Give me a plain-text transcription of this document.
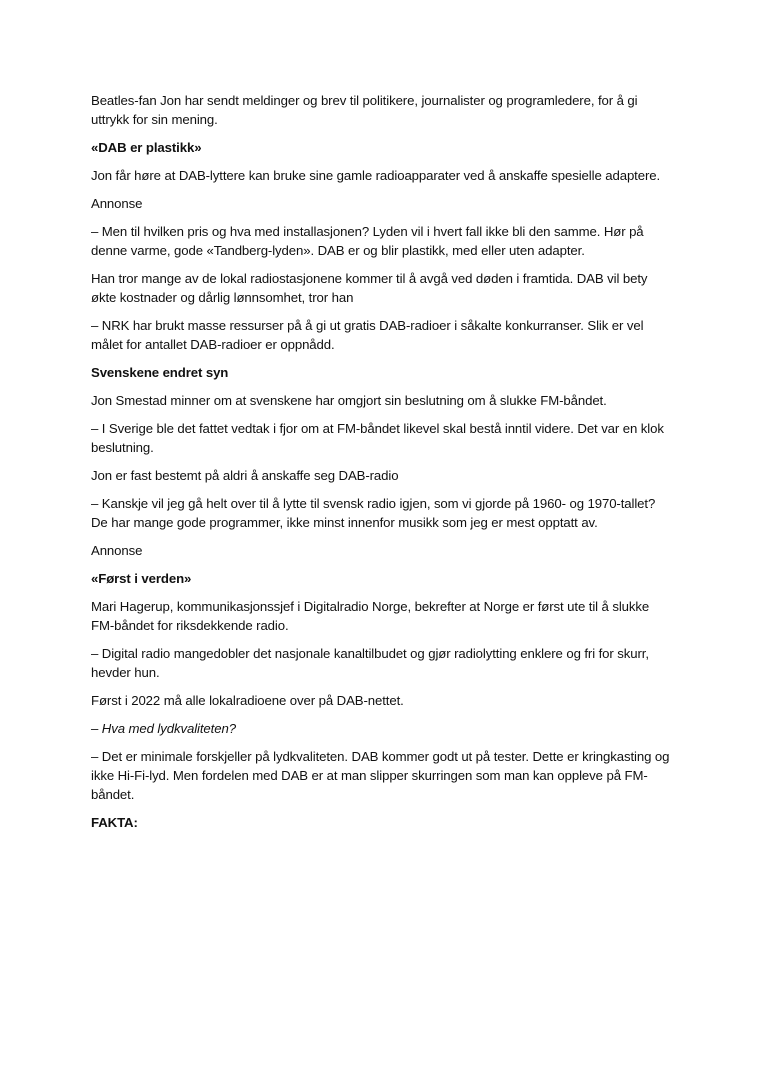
Beatles-fan Jon har sendt meldinger og brev til politikere, journalister og programledere, for å gi uttrykk for sin mening.

«DAB er plastikk»

Jon får høre at DAB-lyttere kan bruke sine gamle radioapparater ved å anskaffe spesielle adaptere.

Annonse

– Men til hvilken pris og hva med installasjonen? Lyden vil i hvert fall ikke bli den samme. Hør på denne varme, gode «Tandberg-lyden». DAB er og blir plastikk, med eller uten adapter.

Han tror mange av de lokal radiostasjonene kommer til å avgå ved døden i framtida. DAB vil bety økte kostnader og dårlig lønnsomhet, tror han

– NRK har brukt masse ressurser på å gi ut gratis DAB-radioer i såkalte konkurranser. Slik er vel målet for antallet DAB-radioer er oppnådd.

Svenskene endret syn

Jon Smestad minner om at svenskene har omgjort sin beslutning om å slukke FM-båndet.

– I Sverige ble det fattet vedtak i fjor om at FM-båndet likevel skal bestå inntil videre. Det var en klok beslutning.

Jon er fast bestemt på aldri å anskaffe seg DAB-radio

– Kanskje vil jeg gå helt over til å lytte til svensk radio igjen, som vi gjorde på 1960- og 1970-tallet? De har mange gode programmer, ikke minst innenfor musikk som jeg er mest opptatt av.

Annonse

«Først i verden»

Mari Hagerup, kommunikasjonssjef i Digitalradio Norge, bekrefter at Norge er først ute til å slukke FM-båndet for riksdekkende radio.

– Digital radio mangedobler det nasjonale kanaltilbudet og gjør radiolytting enklere og fri for skurr, hevder hun.

Først i 2022 må alle lokalradioene over på DAB-nettet.

– Hva med lydkvaliteten?

– Det er minimale forskjeller på lydkvaliteten. DAB kommer godt ut på tester. Dette er kringkasting og ikke Hi-Fi-lyd. Men fordelen med DAB er at man slipper skurringen som man kan oppleve på FM-båndet.

FAKTA:
